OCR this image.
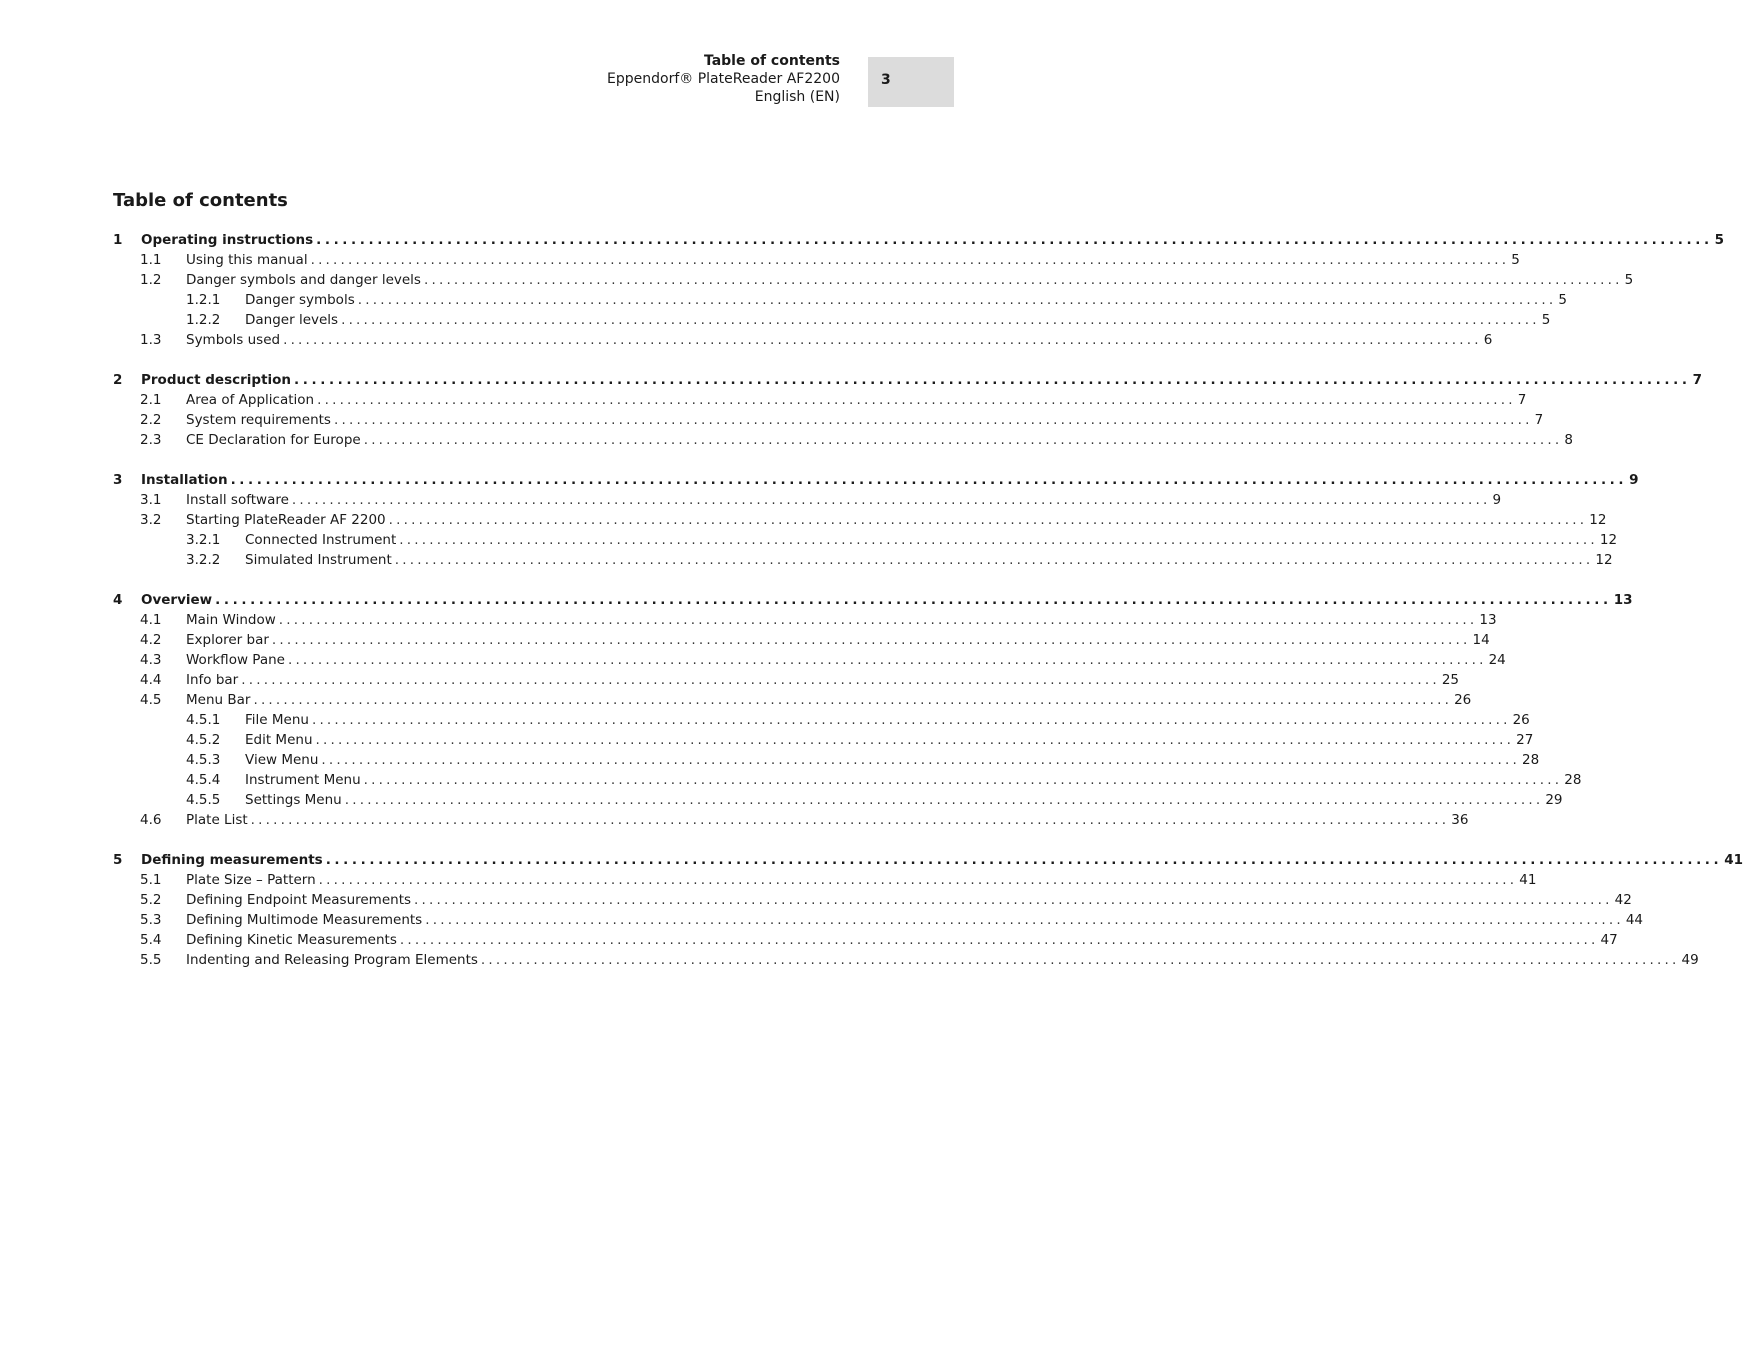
Table of contents
Eppendorf® PlateReader AF2200
English (EN)
3
Table of contents
1 Operating instructions ................................................................................................................................................................ 5
1.1 Using this manual ................................................................................................................................................................ 5
1.2 Danger symbols and danger levels ................................................................................................................................................................ 5
1.2.1 Danger symbols ................................................................................................................................................................ 5
1.2.2 Danger levels ................................................................................................................................................................ 5
1.3 Symbols used ................................................................................................................................................................ 6
2 Product description ................................................................................................................................................................ 7
2.1 Area of Application ................................................................................................................................................................ 7
2.2 System requirements ................................................................................................................................................................ 7
2.3 CE Declaration for Europe ................................................................................................................................................................ 8
3 Installation ................................................................................................................................................................ 9
3.1 Install software ................................................................................................................................................................ 9
3.2 Starting PlateReader AF 2200 ................................................................................................................................................................ 12
3.2.1 Connected Instrument ................................................................................................................................................................ 12
3.2.2 Simulated Instrument ................................................................................................................................................................ 12
4 Overview ................................................................................................................................................................ 13
4.1 Main Window ................................................................................................................................................................ 13
4.2 Explorer bar ................................................................................................................................................................ 14
4.3 Workflow Pane ................................................................................................................................................................ 24
4.4 Info bar ................................................................................................................................................................ 25
4.5 Menu Bar ................................................................................................................................................................ 26
4.5.1 File Menu ................................................................................................................................................................ 26
4.5.2 Edit Menu ................................................................................................................................................................ 27
4.5.3 View Menu ................................................................................................................................................................ 28
4.5.4 Instrument Menu ................................................................................................................................................................ 28
4.5.5 Settings Menu ................................................................................................................................................................ 29
4.6 Plate List ................................................................................................................................................................ 36
5 Defining measurements ................................................................................................................................................................ 41
5.1 Plate Size – Pattern ................................................................................................................................................................ 41
5.2 Defining Endpoint Measurements ................................................................................................................................................................ 42
5.3 Defining Multimode Measurements ................................................................................................................................................................ 44
5.4 Defining Kinetic Measurements ................................................................................................................................................................ 47
5.5 Indenting and Releasing Program Elements ................................................................................................................................................................ 49
